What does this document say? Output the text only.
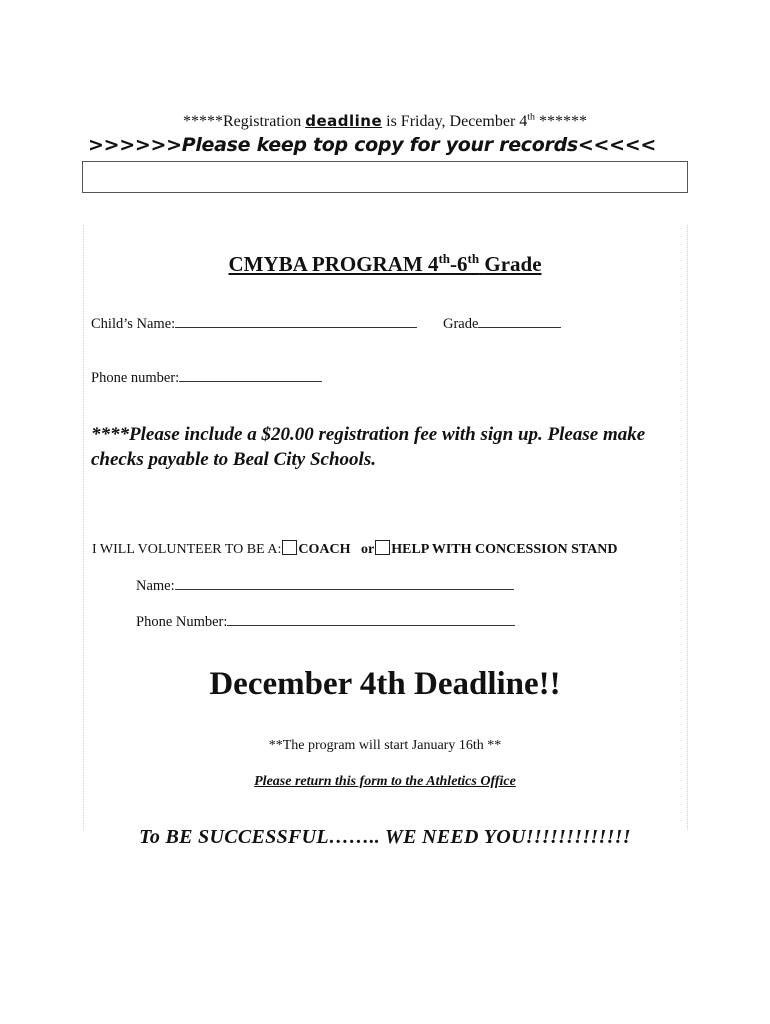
*****Registration deadline is Friday, December 4th ******
>>>>>>Please keep top copy for your records<<<<<
CMYBA PROGRAM 4th-6th Grade
Child’s Name:	Grade
Phone number:
****Please include a $20.00 registration fee with sign up. Please make checks payable to Beal City Schools.
I WILL VOLUNTEER TO BE A: COACH or HELP WITH CONCESSION STAND
Name:
Phone Number:
December 4th Deadline!!
**The program will start January 16th **
Please return this form to the Athletics Office
To BE SUCCESSFUL…….. WE NEED YOU!!!!!!!!!!!!!
